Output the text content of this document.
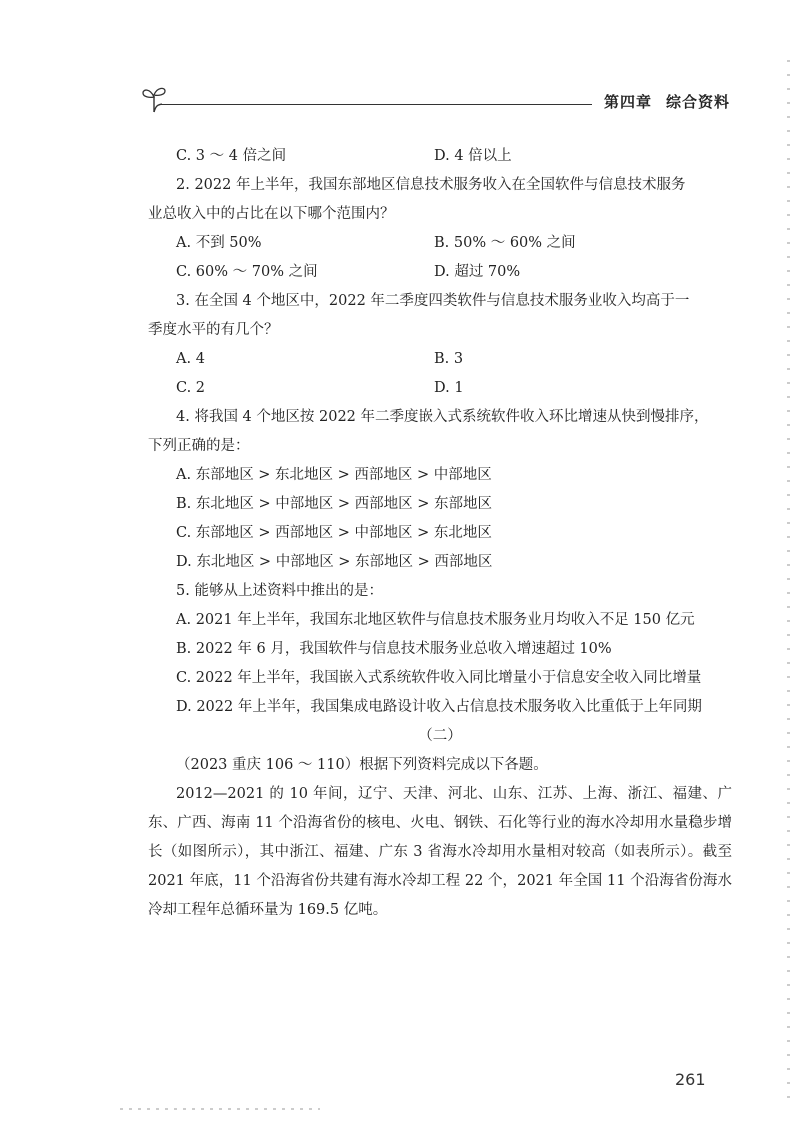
第四章 综合资料
C. 3 ～ 4 倍之间	D. 4 倍以上
2. 2022 年上半年，我国东部地区信息技术服务收入在全国软件与信息技术服务
业总收入中的占比在以下哪个范围内？
A. 不到 50%	B. 50% ～ 60% 之间
C. 60% ～ 70% 之间	D. 超过 70%
3. 在全国 4 个地区中，2022 年二季度四类软件与信息技术服务业收入均高于一
季度水平的有几个？
A. 4	B. 3
C. 2	D. 1
4. 将我国 4 个地区按 2022 年二季度嵌入式系统软件收入环比增速从快到慢排序，
下列正确的是：
A. 东部地区 > 东北地区 > 西部地区 > 中部地区
B. 东北地区 > 中部地区 > 西部地区 > 东部地区
C. 东部地区 > 西部地区 > 中部地区 > 东北地区
D. 东北地区 > 中部地区 > 东部地区 > 西部地区
5. 能够从上述资料中推出的是：
A. 2021 年上半年，我国东北地区软件与信息技术服务业月均收入不足 150 亿元
B. 2022 年 6 月，我国软件与信息技术服务业总收入增速超过 10%
C. 2022 年上半年，我国嵌入式系统软件收入同比增量小于信息安全收入同比增量
D. 2022 年上半年，我国集成电路设计收入占信息技术服务收入比重低于上年同期
（二）
（2023 重庆 106 ～ 110）根据下列资料完成以下各题。
2012—2021 的 10 年间，辽宁、天津、河北、山东、江苏、上海、浙江、福建、广东、广西、海南 11 个沿海省份的核电、火电、钢铁、石化等行业的海水冷却用水量稳步增长（如图所示），其中浙江、福建、广东 3 省海水冷却用水量相对较高（如表所示）。截至 2021 年底，11 个沿海省份共建有海水冷却工程 22 个，2021 年全国 11 个沿海省份海水冷却工程年总循环量为 169.5 亿吨。
261
